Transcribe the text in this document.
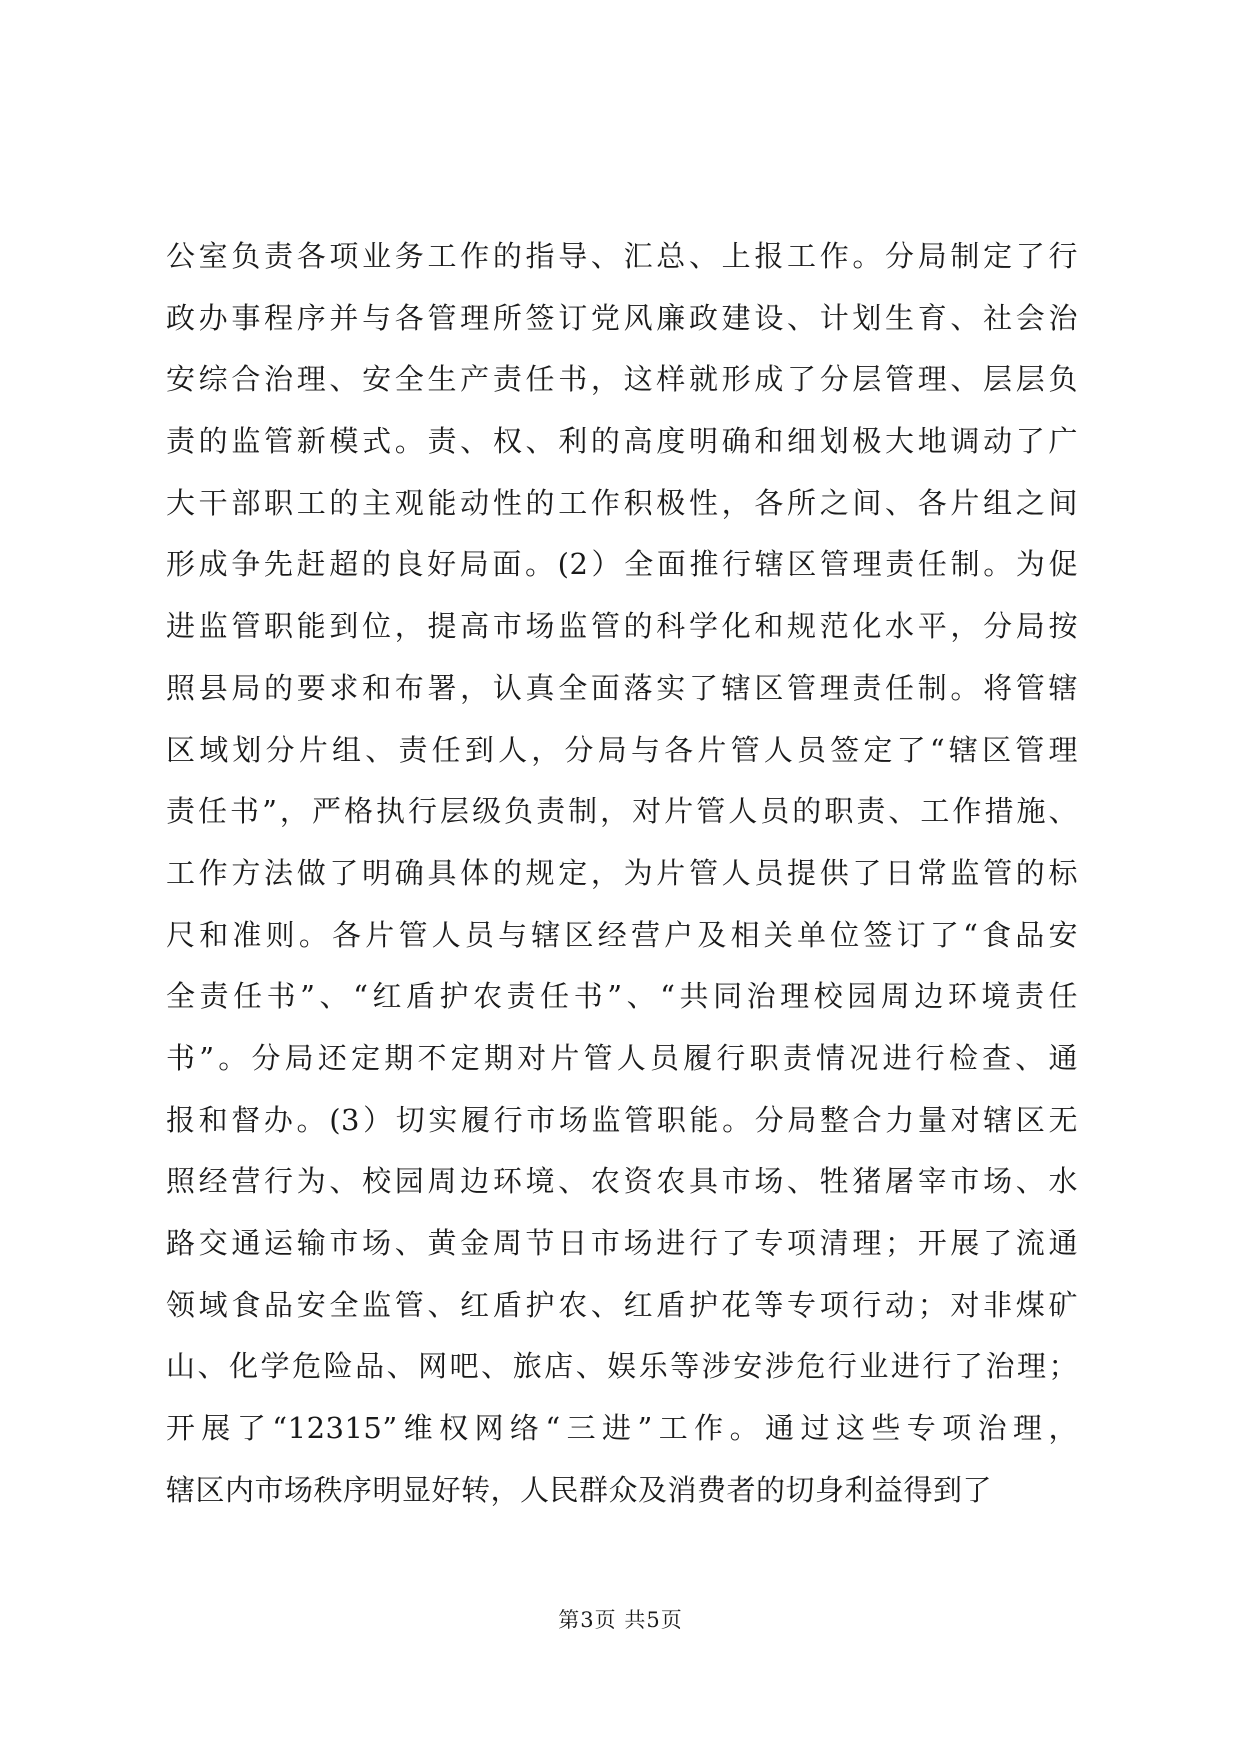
公室负责各项业务工作的指导、汇总、上报工作。分局制定了行
政办事程序并与各管理所签订党风廉政建设、计划生育、社会治
安综合治理、安全生产责任书，这样就形成了分层管理、层层负
责的监管新模式。责、权、利的高度明确和细划极大地调动了广
大干部职工的主观能动性的工作积极性，各所之间、各片组之间
形成争先赶超的良好局面。(2）全面推行辖区管理责任制。为促
进监管职能到位，提高市场监管的科学化和规范化水平，分局按
照县局的要求和布署，认真全面落实了辖区管理责任制。将管辖
区域划分片组、责任到人，分局与各片管人员签定了“辖区管理
责任书”，严格执行层级负责制，对片管人员的职责、工作措施、
工作方法做了明确具体的规定，为片管人员提供了日常监管的标
尺和准则。各片管人员与辖区经营户及相关单位签订了“食品安
全责任书”、“红盾护农责任书”、“共同治理校园周边环境责任
书”。分局还定期不定期对片管人员履行职责情况进行检查、通
报和督办。(3）切实履行市场监管职能。分局整合力量对辖区无
照经营行为、校园周边环境、农资农具市场、牲猪屠宰市场、水
路交通运输市场、黄金周节日市场进行了专项清理；开展了流通
领域食品安全监管、红盾护农、红盾护花等专项行动；对非煤矿
山、化学危险品、网吧、旅店、娱乐等涉安涉危行业进行了治理；
开展了“12315”维权网络“三进”工作。通过这些专项治理，
辖区内市场秩序明显好转，人民群众及消费者的切身利益得到了
第3页 共5页
